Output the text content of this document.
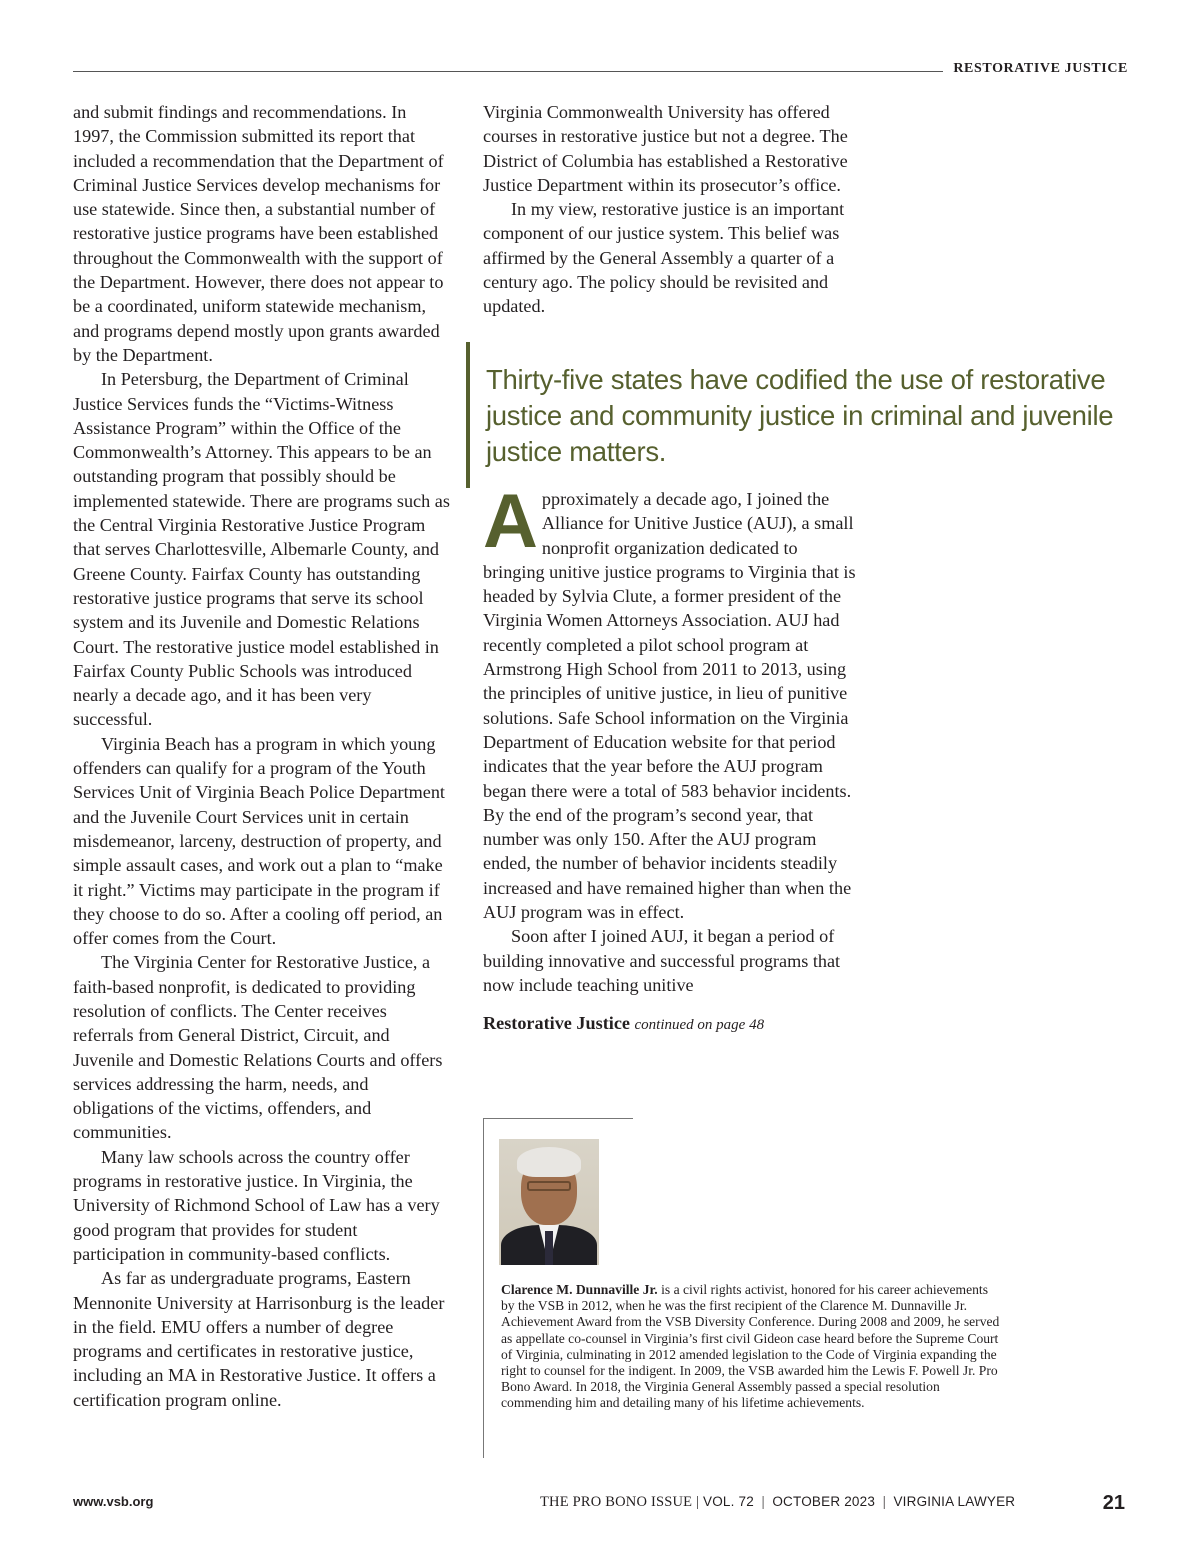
RESTORATIVE JUSTICE

and submit findings and recommendations. In 1997, the Commission submitted its report that included a recommendation that the Department of Criminal Justice Services develop mechanisms for use statewide. Since then, a substantial number of restorative justice programs have been established throughout the Commonwealth with the support of the Department. However, there does not appear to be a coordinated, uniform statewide mechanism, and programs depend mostly upon grants awarded by the Department.

In Petersburg, the Department of Criminal Justice Services funds the “Victims-Witness Assistance Program” within the Office of the Commonwealth’s Attorney. This appears to be an outstanding program that possibly should be implemented statewide. There are programs such as the Central Virginia Restorative Justice Program that serves Charlottesville, Albemarle County, and Greene County. Fairfax County has outstanding restorative justice programs that serve its school system and its Juvenile and Domestic Relations Court. The restorative justice model established in Fairfax County Public Schools was introduced nearly a decade ago, and it has been very successful.

Virginia Beach has a program in which young offenders can qualify for a program of the Youth Services Unit of Virginia Beach Police Department and the Juvenile Court Services unit in certain misdemeanor, larceny, destruction of property, and simple assault cases, and work out a plan to “make it right.” Victims may participate in the program if they choose to do so. After a cooling off period, an offer comes from the Court.

The Virginia Center for Restorative Justice, a faith-based nonprofit, is dedicated to providing resolution of conflicts. The Center receives referrals from General District, Circuit, and Juvenile and Domestic Relations Courts and offers services addressing the harm, needs, and obligations of the victims, offenders, and communities.

Many law schools across the country offer programs in restorative justice. In Virginia, the University of Richmond School of Law has a very good program that provides for student participation in community-based conflicts.

As far as undergraduate programs, Eastern Mennonite University at Harrisonburg is the leader in the field. EMU offers a number of degree programs and certificates in restorative justice, including an MA in Restorative Justice. It offers a certification program online.

Virginia Commonwealth University has offered courses in restorative justice but not a degree. The District of Columbia has established a Restorative Justice Department within its prosecutor’s office.

In my view, restorative justice is an important component of our justice system. This belief was affirmed by the General Assembly a quarter of a century ago. The policy should be revisited and updated.

Thirty-five states have codified the use of restorative justice and community justice in criminal and juvenile justice matters.

Approximately a decade ago, I joined the Alliance for Unitive Justice (AUJ), a small nonprofit organization dedicated to bringing unitive justice programs to Virginia that is headed by Sylvia Clute, a former president of the Virginia Women Attorneys Association. AUJ had recently completed a pilot school program at Armstrong High School from 2011 to 2013, using the principles of unitive justice, in lieu of punitive solutions. Safe School information on the Virginia Department of Education website for that period indicates that the year before the AUJ program began there were a total of 583 behavior incidents. By the end of the program’s second year, that number was only 150. After the AUJ program ended, the number of behavior incidents steadily increased and have remained higher than when the AUJ program was in effect.

Soon after I joined AUJ, it began a period of building innovative and successful programs that now include teaching unitive

Restorative Justice continued on page 48

Clarence M. Dunnaville Jr. is a civil rights activist, honored for his career achievements by the VSB in 2012, when he was the first recipient of the Clarence M. Dunnaville Jr. Achievement Award from the VSB Diversity Conference. During 2008 and 2009, he served as appellate co-counsel in Virginia’s first civil Gideon case heard before the Supreme Court of Virginia, culminating in 2012 amended legislation to the Code of Virginia expanding the right to counsel for the indigent. In 2009, the VSB awarded him the Lewis F. Powell Jr. Pro Bono Award. In 2018, the Virginia General Assembly passed a special resolution commending him and detailing many of his lifetime achievements.
www.vsb.org	THE PRO BONO ISSUE | VOL. 72  |  OCTOBER 2023  |  VIRGINIA LAWYER	21
